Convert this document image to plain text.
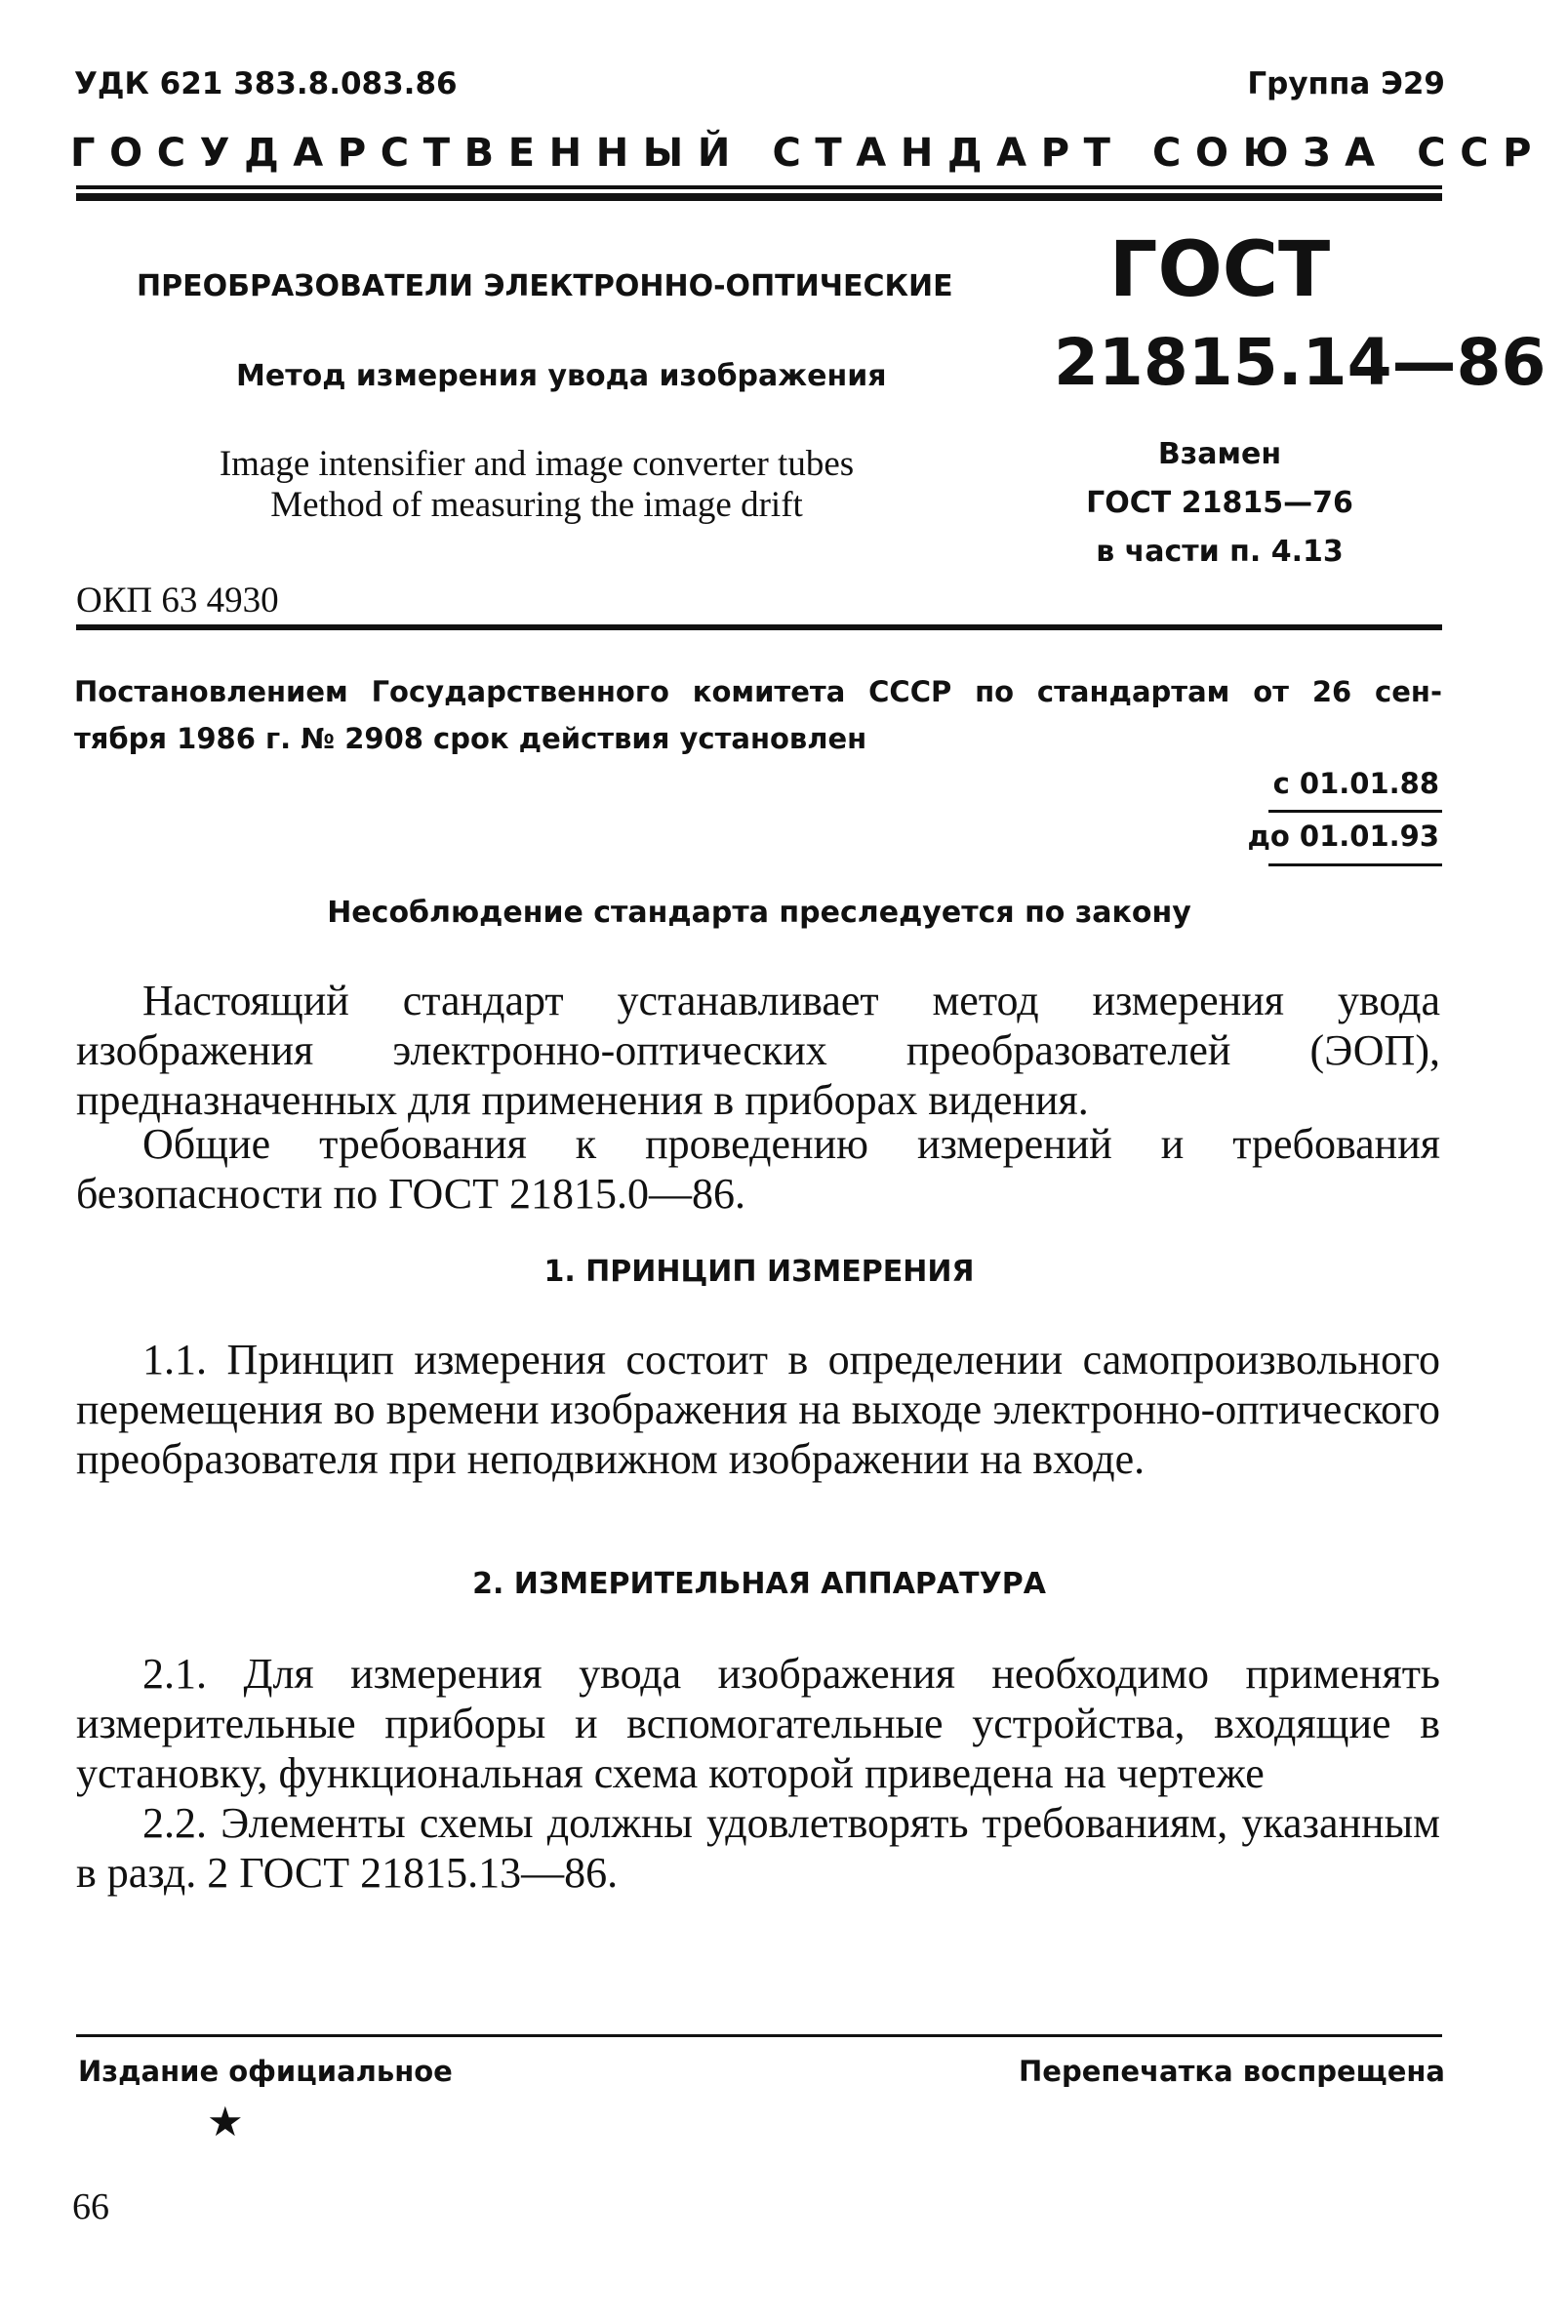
УДК 621 383.8.083.86	Группа Э29
ГОСУДАРСТВЕННЫЙ СТАНДАРТ СОЮЗА ССР
ПРЕОБРАЗОВАТЕЛИ ЭЛЕКТРОННО-ОПТИЧЕСКИЕ
Метод измерения увода изображения
Image intensifier and image converter tubes
Method of measuring the image drift
ОКП 63 4930
ГОСТ
21815.14—86
Взамен
ГОСТ 21815—76
в части п. 4.13
Постановлением Государственного комитета СССР по стандартам от 26 сен-
тября 1986 г. № 2908 срок действия установлен
с 01.01.88
до 01.01.93
Несоблюдение стандарта преследуется по закону
Настоящий стандарт устанавливает метод измерения увода изображения электронно-оптических преобразователей (ЭОП), предназначенных для применения в приборах видения.
Общие требования к проведению измерений и требования безопасности по ГОСТ 21815.0—86.
1. ПРИНЦИП ИЗМЕРЕНИЯ
1.1. Принцип измерения состоит в определении самопроизвольного перемещения во времени изображения на выходе электронно-оптического преобразователя при неподвижном изображении на входе.
2. ИЗМЕРИТЕЛЬНАЯ АППАРАТУРА
2.1. Для измерения увода изображения необходимо применять измерительные приборы и вспомогательные устройства, входящие в установку, функциональная схема которой приведена на чертеже
2.2. Элементы схемы должны удовлетворять требованиям, указанным в разд. 2 ГОСТ 21815.13—86.
Издание официальное	Перепечатка воспрещена
★
66
